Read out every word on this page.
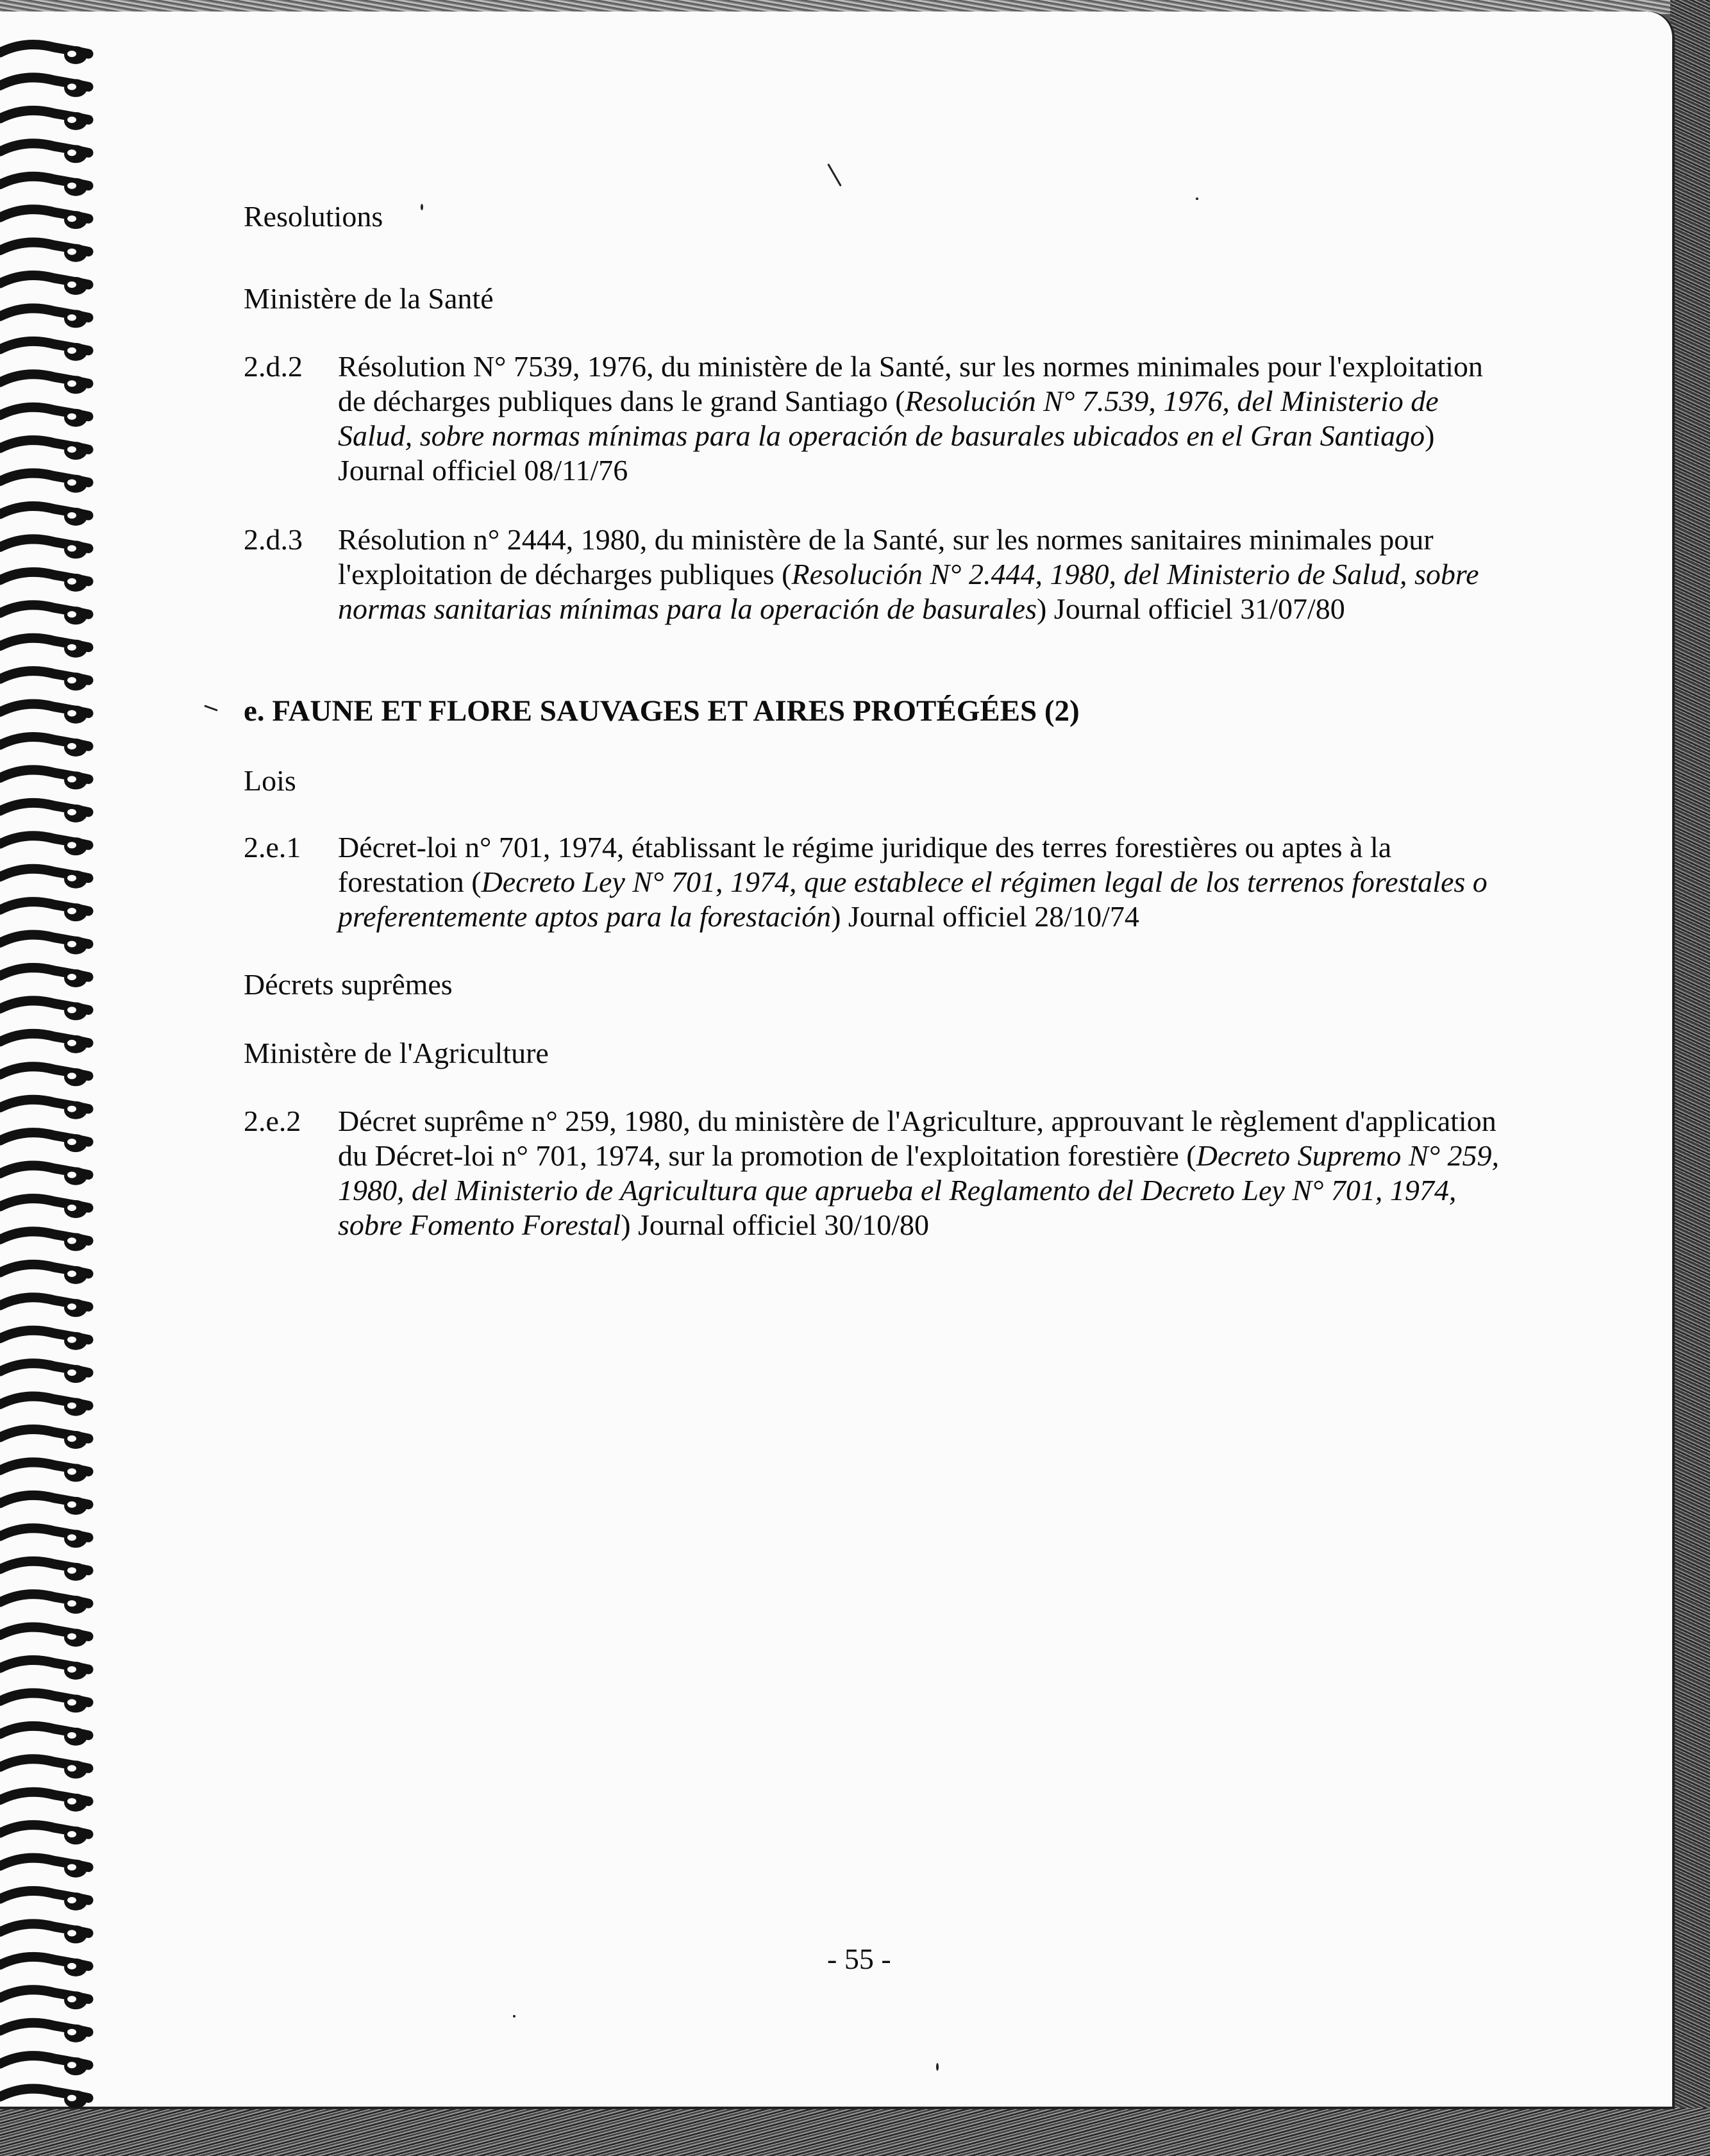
Resolutions
Ministère de la Santé
2.d.2 Résolution N° 7539, 1976, du ministère de la Santé, sur les normes minimales pour l'exploitation de décharges publiques dans le grand Santiago (Resolución N° 7.539, 1976, del Ministerio de Salud, sobre normas mínimas para la operación de basurales ubicados en el Gran Santiago) Journal officiel 08/11/76
2.d.3 Résolution n° 2444, 1980, du ministère de la Santé, sur les normes sanitaires minimales pour l'exploitation de décharges publiques (Resolución N° 2.444, 1980, del Ministerio de Salud, sobre normas sanitarias mínimas para la operación de basurales) Journal officiel 31/07/80
e. FAUNE ET FLORE SAUVAGES ET AIRES PROTÉGÉES (2)
Lois
2.e.1 Décret-loi n° 701, 1974, établissant le régime juridique des terres forestières ou aptes à la forestation (Decreto Ley N° 701, 1974, que establece el régimen legal de los terrenos forestales o preferentemente aptos para la forestación) Journal officiel 28/10/74
Décrets suprêmes
Ministère de l'Agriculture
2.e.2 Décret suprême n° 259, 1980, du ministère de l'Agriculture, approuvant le règlement d'application du Décret-loi n° 701, 1974, sur la promotion de l'exploitation forestière (Decreto Supremo N° 259, 1980, del Ministerio de Agricultura que aprueba el Reglamento del Decreto Ley N° 701, 1974, sobre Fomento Forestal) Journal officiel 30/10/80
- 55 -
